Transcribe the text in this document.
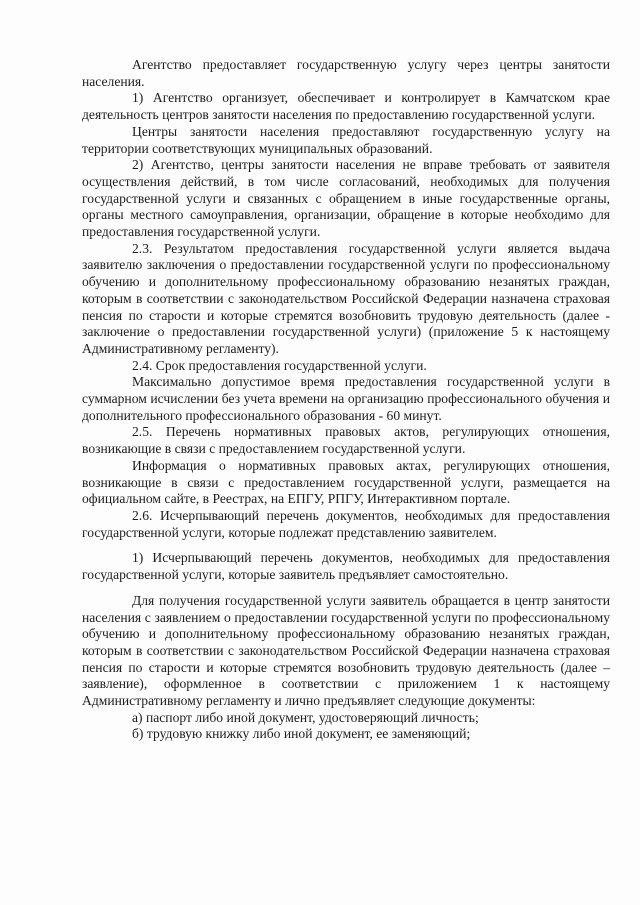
Агентство предоставляет государственную услугу через центры занятости населения.

1) Агентство организует, обеспечивает и контролирует в Камчатском крае деятельность центров занятости населения по предоставлению государственной услуги.

Центры занятости населения предоставляют государственную услугу на территории соответствующих муниципальных образований.

2) Агентство, центры занятости населения не вправе требовать от заявителя осуществления действий, в том числе согласований, необходимых для получения государственной услуги и связанных с обращением в иные государственные органы, органы местного самоуправления, организации, обращение в которые необходимо для предоставления государственной услуги.

2.3. Результатом предоставления государственной услуги является выдача заявителю заключения о предоставлении государственной услуги по профессиональному обучению и дополнительному профессиональному образованию незанятых граждан, которым в соответствии с законодательством Российской Федерации назначена страховая пенсия по старости и которые стремятся возобновить трудовую деятельность (далее - заключение о предоставлении государственной услуги) (приложение 5 к настоящему Административному регламенту).

2.4. Срок предоставления государственной услуги.

Максимально допустимое время предоставления государственной услуги в суммарном исчислении без учета времени на организацию профессионального обучения и дополнительного профессионального образования - 60 минут.

2.5. Перечень нормативных правовых актов, регулирующих отношения, возникающие в связи с предоставлением государственной услуги.

Информация о нормативных правовых актах, регулирующих отношения, возникающие в связи с предоставлением государственной услуги, размещается на официальном сайте, в Реестрах, на ЕПГУ, РПГУ, Интерактивном портале.

2.6. Исчерпывающий перечень документов, необходимых для предоставления государственной услуги, которые подлежат представлению заявителем.

1) Исчерпывающий перечень документов, необходимых для предоставления государственной услуги, которые заявитель предъявляет самостоятельно.

Для получения государственной услуги заявитель обращается в центр занятости населения с заявлением о предоставлении государственной услуги по профессиональному обучению и дополнительному профессиональному образованию незанятых граждан, которым в соответствии с законодательством Российской Федерации назначена страховая пенсия по старости и которые стремятся возобновить трудовую деятельность (далее – заявление), оформленное в соответствии с приложением 1 к настоящему Административному регламенту и лично предъявляет следующие документы:

а) паспорт либо иной документ, удостоверяющий личность;

б) трудовую книжку либо иной документ, ее заменяющий;
